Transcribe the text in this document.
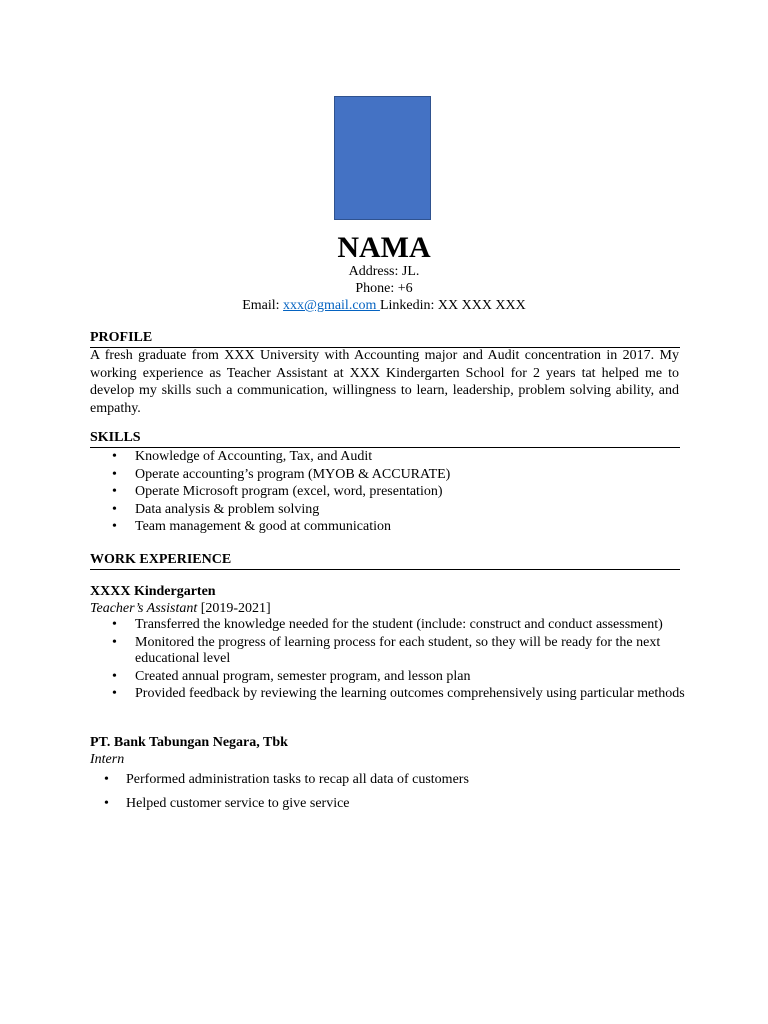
NAMA
Address: JL.
Phone: +6
Email: xxx@gmail.com Linkedin: XX XXX XXX
PROFILE
A fresh graduate from XXX University with Accounting major and Audit concentration in 2017. My working experience as Teacher Assistant at XXX Kindergarten School for 2 years tat helped me to develop my skills such a communication, willingness to learn, leadership, problem solving ability, and empathy.
SKILLS
• Knowledge of Accounting, Tax, and Audit
• Operate accounting’s program (MYOB & ACCURATE)
• Operate Microsoft program (excel, word, presentation)
• Data analysis & problem solving
• Team management & good at communication
WORK EXPERIENCE
XXXX Kindergarten
Teacher’s Assistant [2019-2021]
• Transferred the knowledge needed for the student (include: construct and conduct assessment)
• Monitored the progress of learning process for each student, so they will be ready for the next educational level
• Created annual program, semester program, and lesson plan
• Provided feedback by reviewing the learning outcomes comprehensively using particular methods
PT. Bank Tabungan Negara, Tbk
Intern
• Performed administration tasks to recap all data of customers
• Helped customer service to give service
